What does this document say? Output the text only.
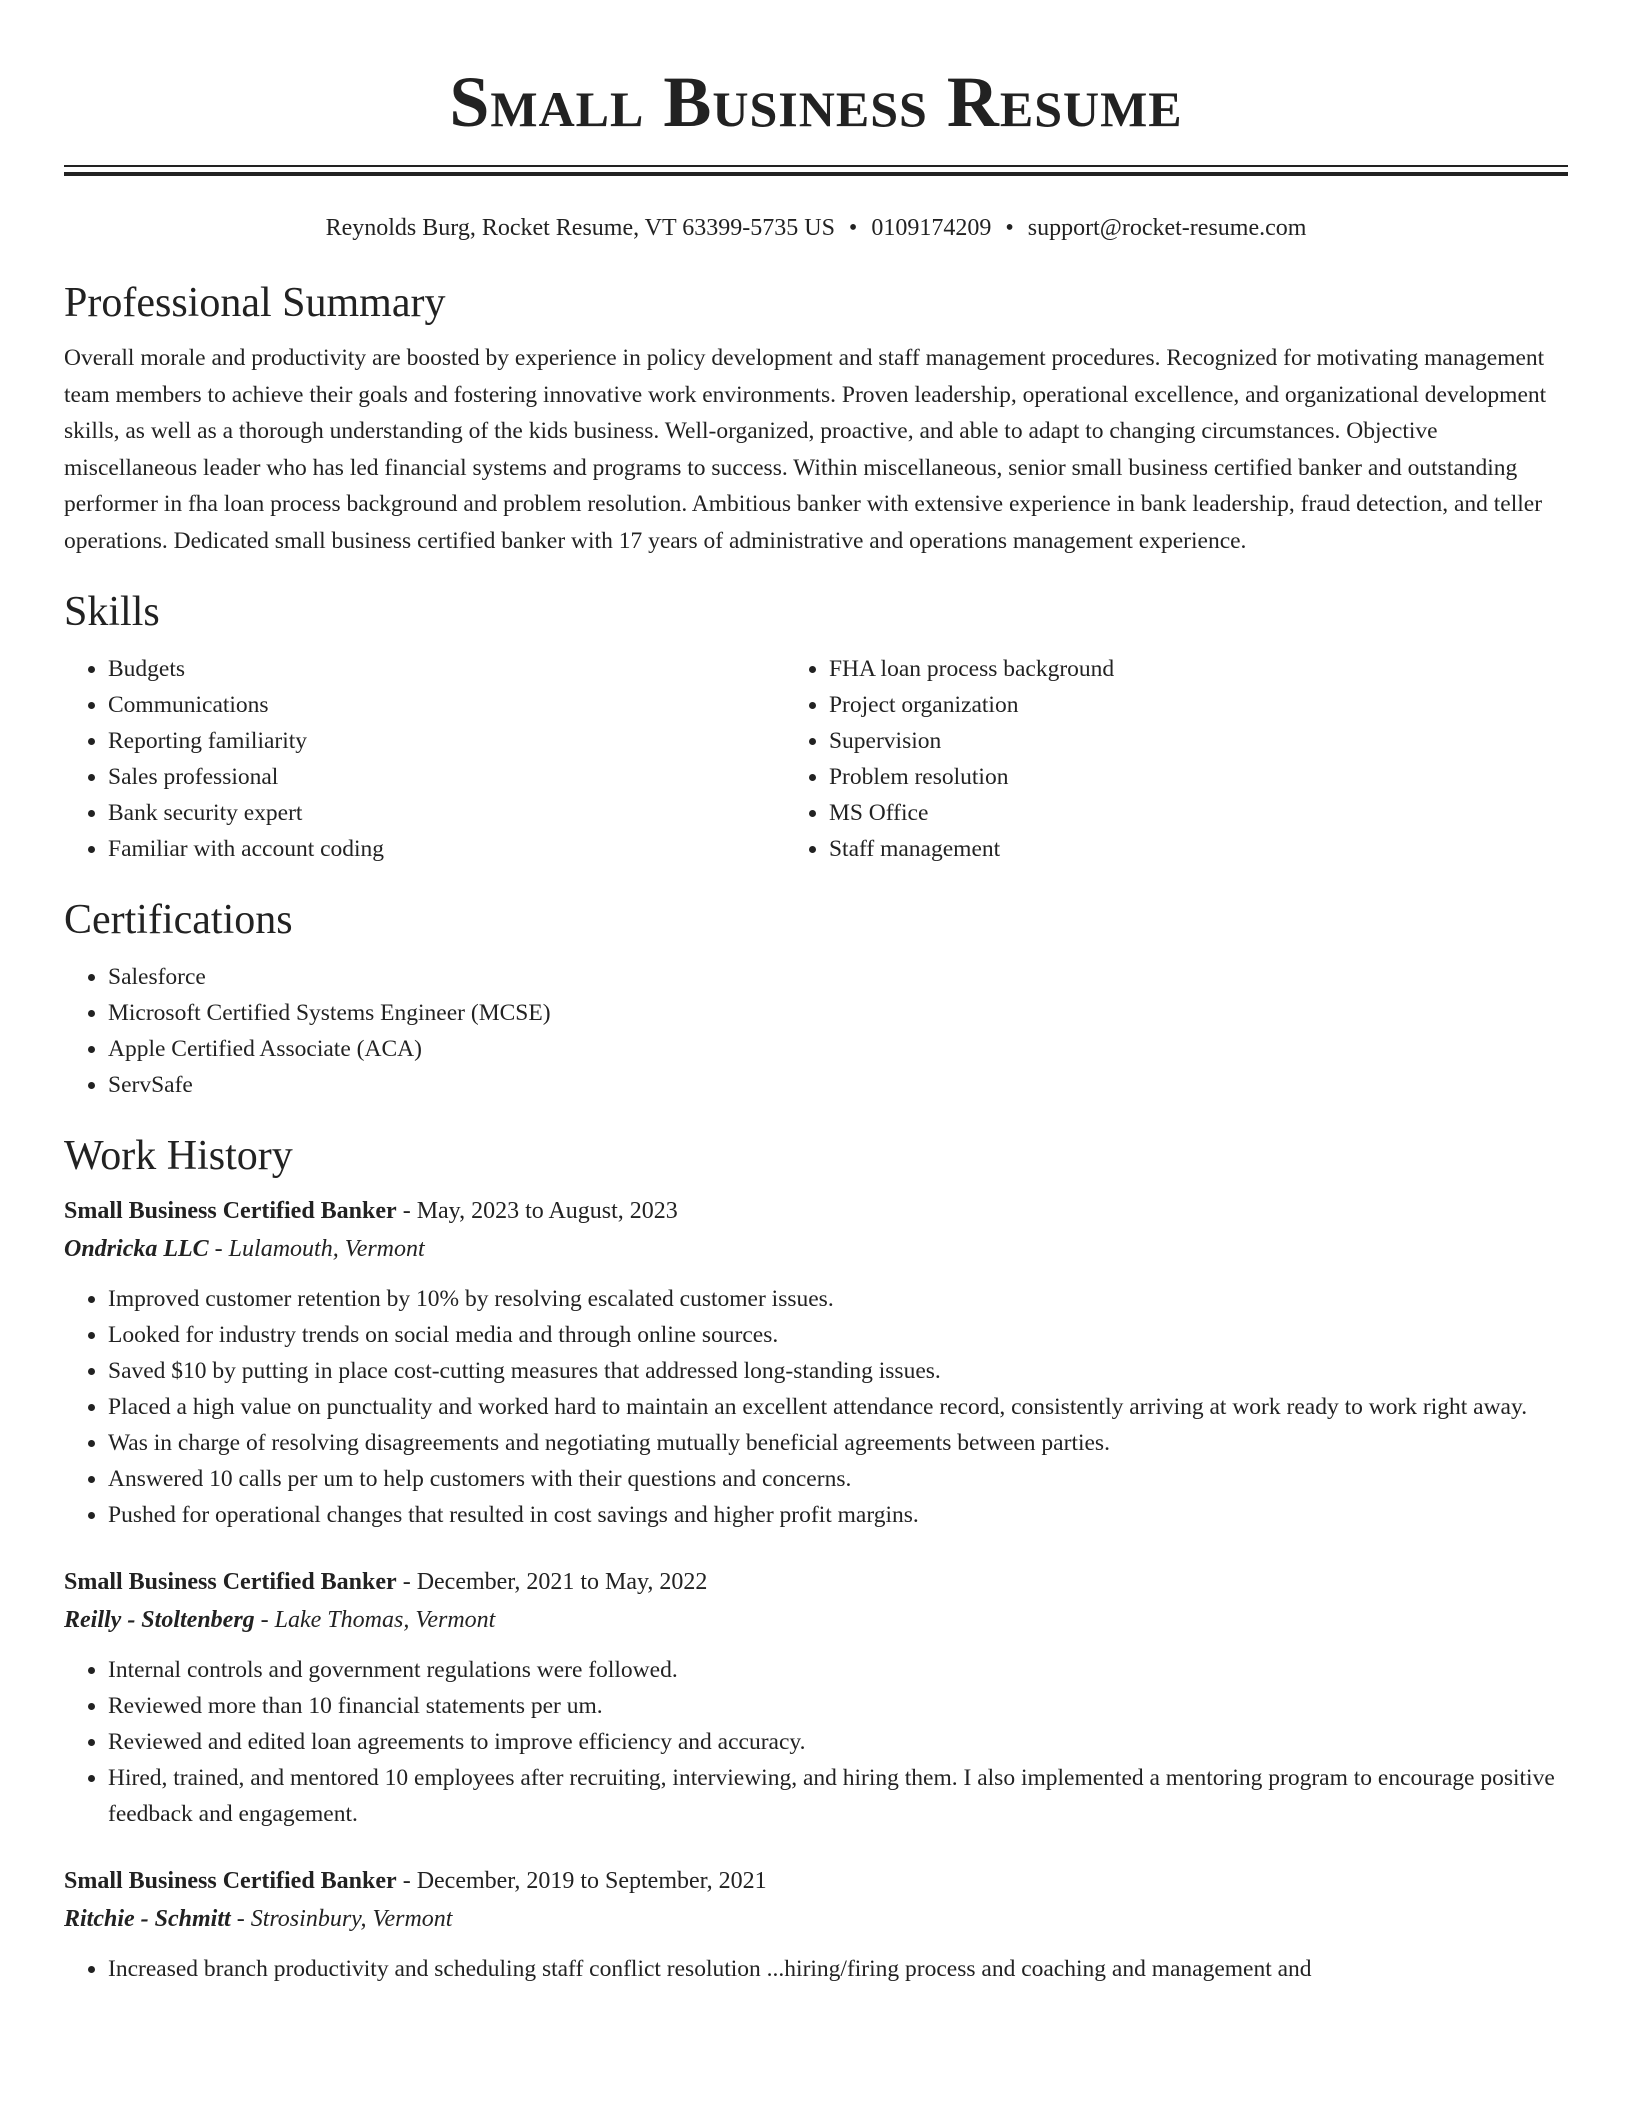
Small Business Resume
Reynolds Burg, Rocket Resume, VT 63399-5735 US • 0109174209 • support@rocket-resume.com
Professional Summary

Overall morale and productivity are boosted by experience in policy development and staff management procedures. Recognized for motivating management team members to achieve their goals and fostering innovative work environments. Proven leadership, operational excellence, and organizational development skills, as well as a thorough understanding of the kids business. Well-organized, proactive, and able to adapt to changing circumstances. Objective miscellaneous leader who has led financial systems and programs to success. Within miscellaneous, senior small business certified banker and outstanding performer in fha loan process background and problem resolution. Ambitious banker with extensive experience in bank leadership, fraud detection, and teller operations. Dedicated small business certified banker with 17 years of administrative and operations management experience.

Skills
• Budgets
• Communications
• Reporting familiarity
• Sales professional
• Bank security expert
• Familiar with account coding
• FHA loan process background
• Project organization
• Supervision
• Problem resolution
• MS Office
• Staff management
Certifications
• Salesforce
• Microsoft Certified Systems Engineer (MCSE)
• Apple Certified Associate (ACA)
• ServSafe
Work History

Small Business Certified Banker - May, 2023 to August, 2023

Ondricka LLC - Lulamouth, Vermont

• Improved customer retention by 10% by resolving escalated customer issues.
• Looked for industry trends on social media and through online sources.
• Saved $10 by putting in place cost-cutting measures that addressed long-standing issues.
• Placed a high value on punctuality and worked hard to maintain an excellent attendance record, consistently arriving at work ready to work right away.
• Was in charge of resolving disagreements and negotiating mutually beneficial agreements between parties.
• Answered 10 calls per um to help customers with their questions and concerns.
• Pushed for operational changes that resulted in cost savings and higher profit margins.

Small Business Certified Banker - December, 2021 to May, 2022

Reilly - Stoltenberg - Lake Thomas, Vermont

• Internal controls and government regulations were followed.
• Reviewed more than 10 financial statements per um.
• Reviewed and edited loan agreements to improve efficiency and accuracy.
• Hired, trained, and mentored 10 employees after recruiting, interviewing, and hiring them. I also implemented a mentoring program to encourage positive feedback and engagement.

Small Business Certified Banker - December, 2019 to September, 2021

Ritchie - Schmitt - Strosinbury, Vermont

• Increased branch productivity and scheduling staff conflict resolution ...hiring/firing process and coaching and management and
